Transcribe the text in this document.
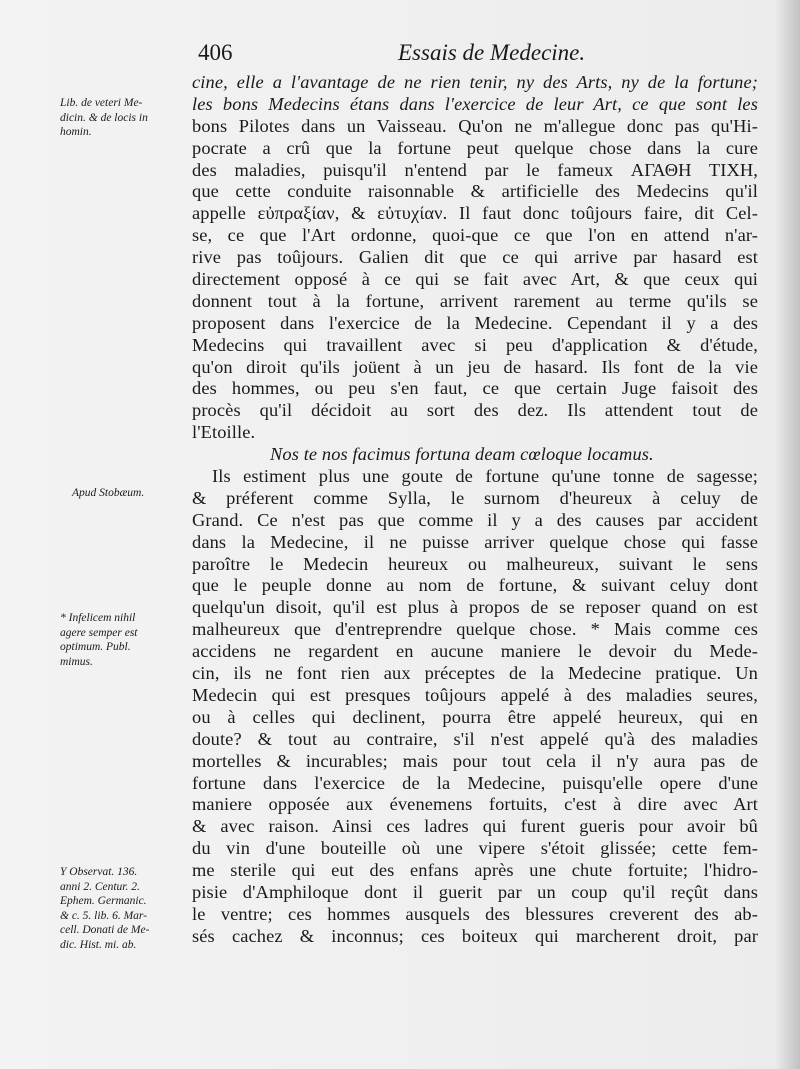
406	Essais de Medecine.
Lib. de veteri Me-
dicin. & de locis in
homin.
Apud Stobæum.
* Infelicem nihil
agere semper est
optimum. Publ.
mimus.
Y Observat. 136.
anni 2. Centur. 2.
Ephem. Germanic.
& c. 5. lib. 6. Mar-
cell. Donati de Me-
dic. Hist. mi. ab.
cine, elle a l'avantage de ne rien tenir, ny des Arts, ny de la fortune;
les bons Medecins étans dans l'exercice de leur Art, ce que sont les
bons Pilotes dans un Vaisseau. Qu'on ne m'allegue donc pas qu'Hi-
pocrate a crû que la fortune peut quelque chose dans la cure
des maladies, puisqu'il n'entend par le fameux ΑΓΑΘΗ ΤΙΧΗ,
que cette conduite raisonnable & artificielle des Medecins qu'il
appelle εὐπραξίαν, & εὐτυχίαν. Il faut donc toûjours faire, dit Cel-
se, ce que l'Art ordonne, quoi-que ce que l'on en attend n'ar-
rive pas toûjours. Galien dit que ce qui arrive par hasard est
directement opposé à ce qui se fait avec Art, & que ceux qui
donnent tout à la fortune, arrivent rarement au terme qu'ils se
proposent dans l'exercice de la Medecine. Cependant il y a des
Medecins qui travaillent avec si peu d'application & d'étude,
qu'on diroit qu'ils joüent à un jeu de hasard. Ils font de la vie
des hommes, ou peu s'en faut, ce que certain Juge faisoit des
procès qu'il décidoit au sort des dez. Ils attendent tout de
l'Etoille.
Nos te nos facimus fortuna deam cœloque locamus.
Ils estiment plus une goute de fortune qu'une tonne de sagesse;
& préferent comme Sylla, le surnom d'heureux à celuy de
Grand. Ce n'est pas que comme il y a des causes par accident
dans la Medecine, il ne puisse arriver quelque chose qui fasse
paroître le Medecin heureux ou malheureux, suivant le sens
que le peuple donne au nom de fortune, & suivant celuy dont
quelqu'un disoit, qu'il est plus à propos de se reposer quand on est
malheureux que d'entreprendre quelque chose. * Mais comme ces
accidens ne regardent en aucune maniere le devoir du Mede-
cin, ils ne font rien aux préceptes de la Medecine pratique. Un
Medecin qui est presques toûjours appelé à des maladies seures,
ou à celles qui declinent, pourra être appelé heureux, qui en
doute? & tout au contraire, s'il n'est appelé qu'à des maladies
mortelles & incurables; mais pour tout cela il n'y aura pas de
fortune dans l'exercice de la Medecine, puisqu'elle opere d'une
maniere opposée aux évenemens fortuits, c'est à dire avec Art
& avec raison. Ainsi ces ladres qui furent gueris pour avoir bû
du vin d'une bouteille où une vipere s'étoit glissée; cette fem-
me sterile qui eut des enfans après une chute fortuite; l'hidro-
pisie d'Amphiloque dont il guerit par un coup qu'il reçût dans
le ventre; ces hommes ausquels des blessures creverent des ab-
sés cachez & inconnus; ces boiteux qui marcherent droit, par
